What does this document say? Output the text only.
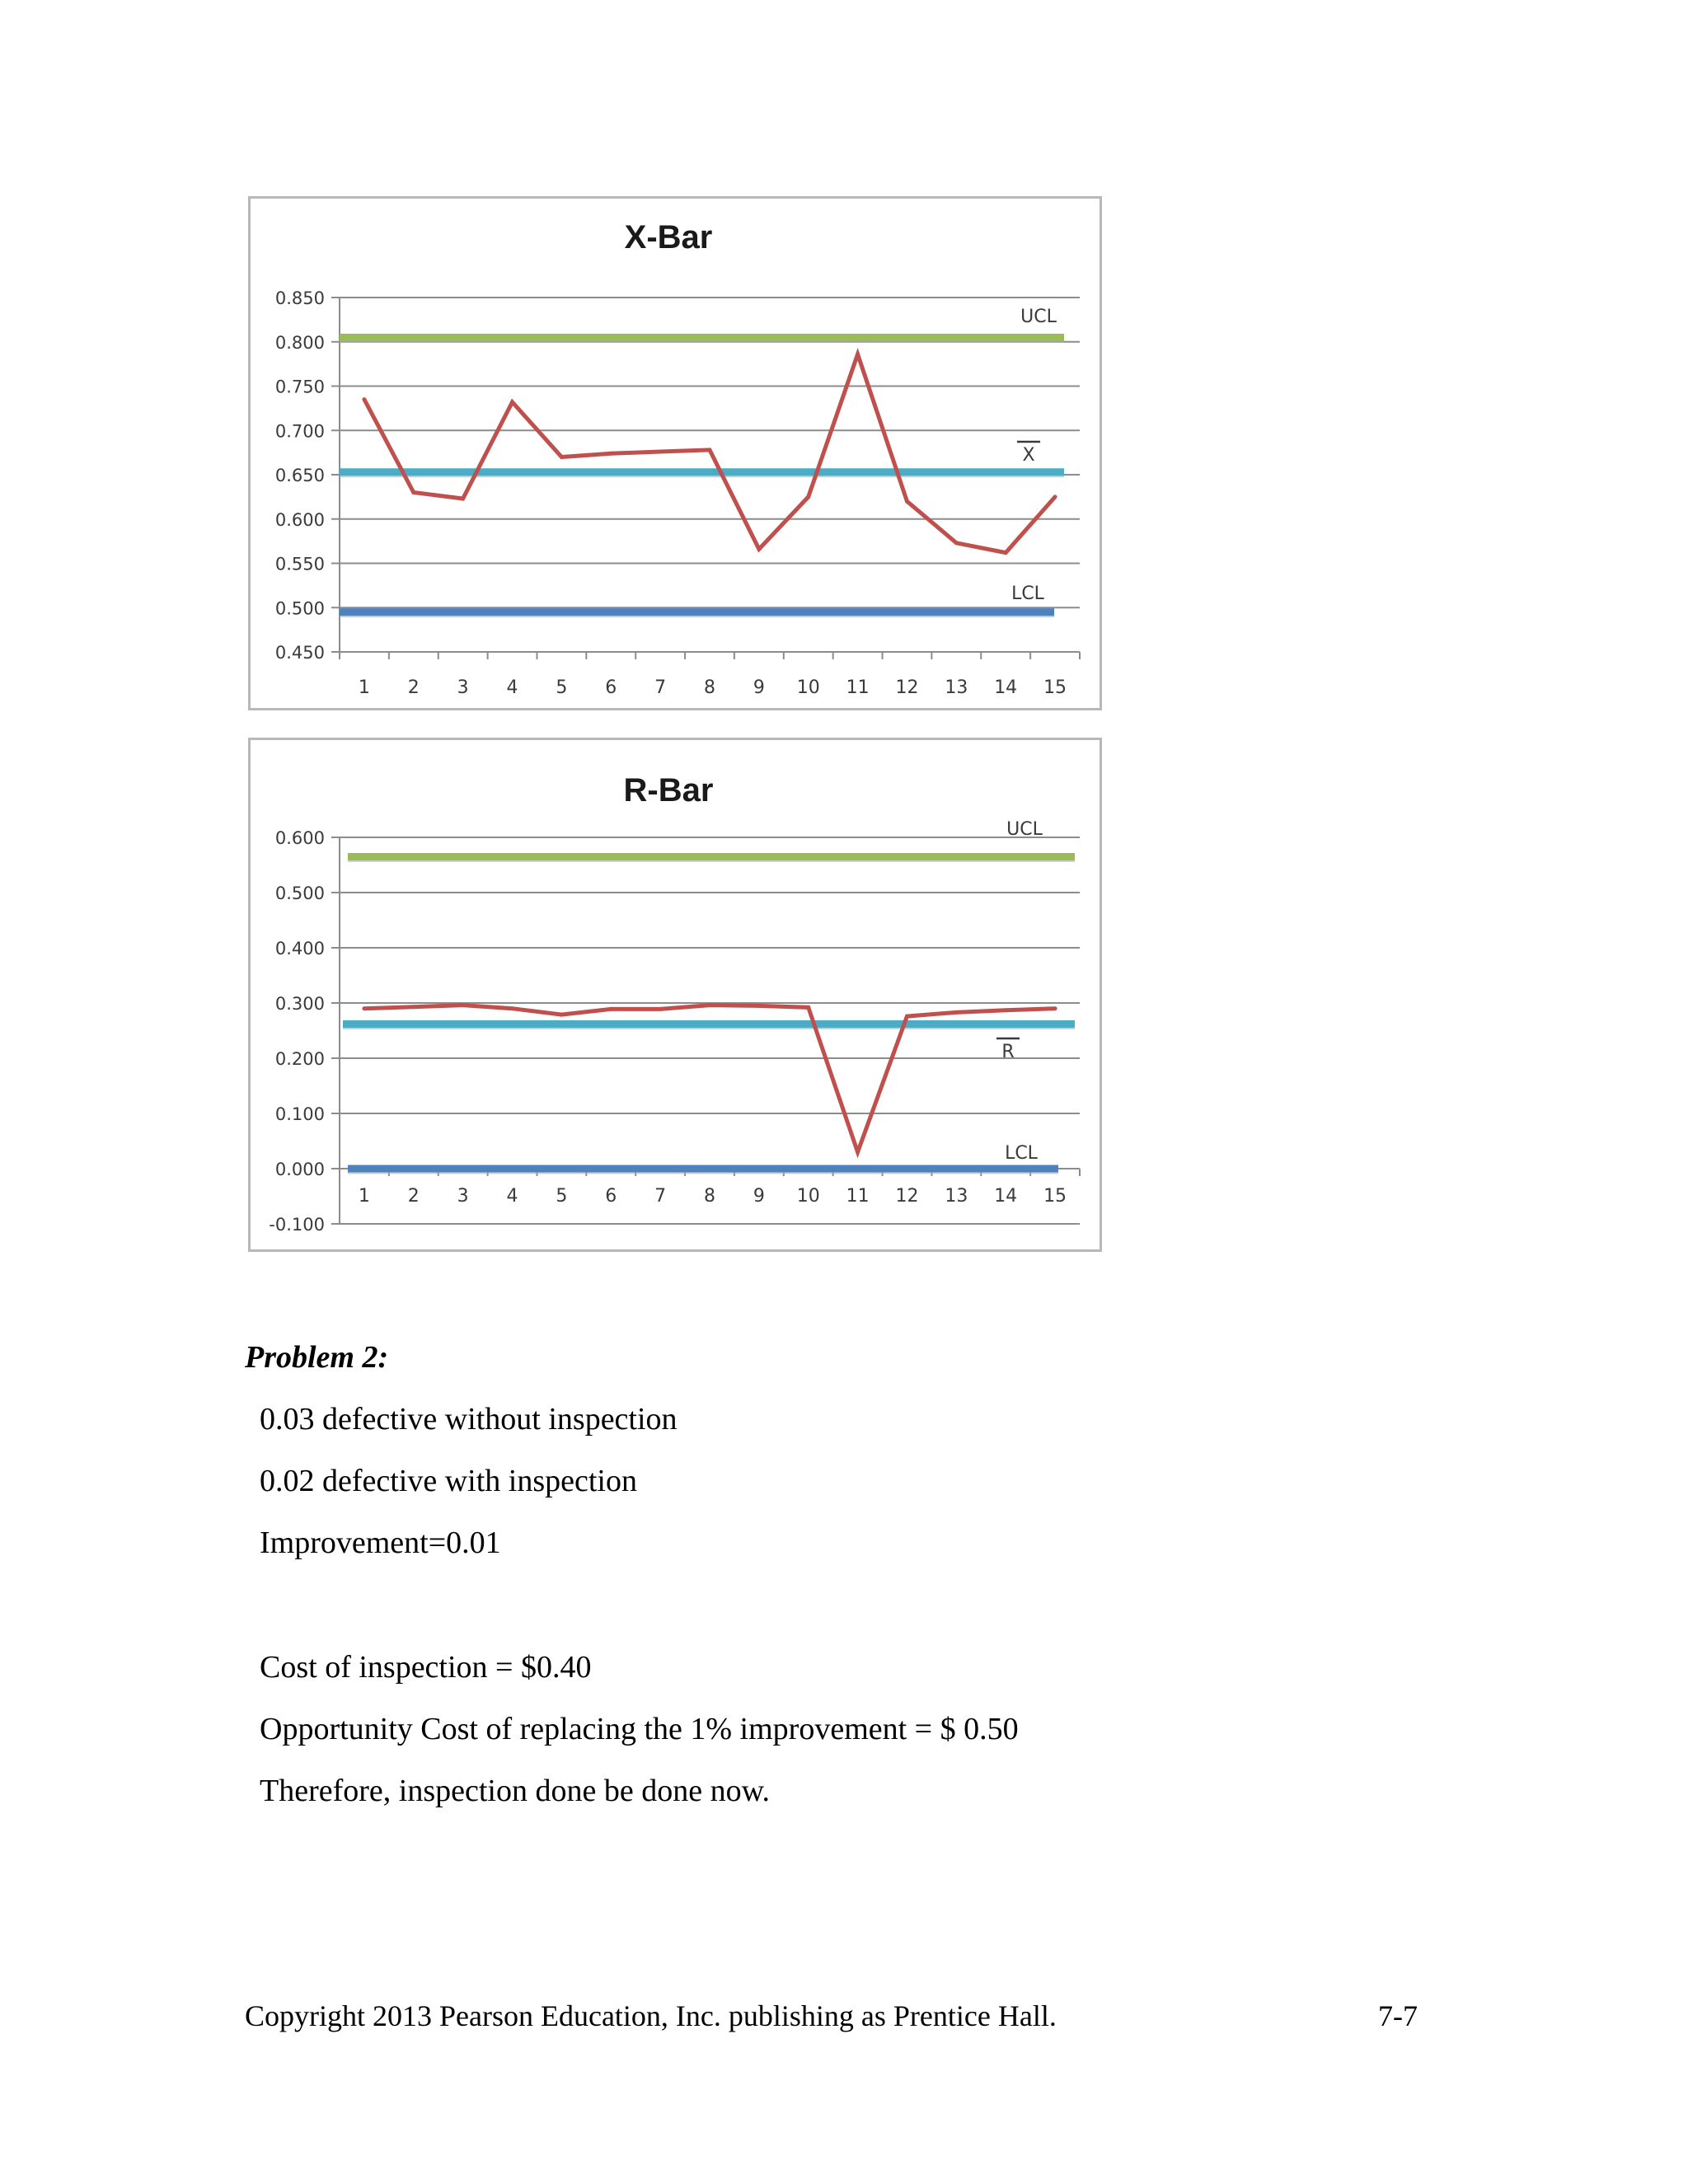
X-Bar
0.850
0.800
0.750
0.700
0.650
0.600
0.550
0.500
0.450
1 2 3 4 5 6 7 8 9 10 11 12 13 14 15
UCL
X
LCL
R-Bar
0.600
0.500
0.400
0.300
0.200
0.100
0.000
-0.100
1 2 3 4 5 6 7 8 9 10 11 12 13 14 15
UCL
R
LCL
Problem 2:
0.03 defective without inspection
0.02 defective with inspection
Improvement=0.01
Cost of inspection = $0.40
Opportunity Cost of replacing the 1% improvement = $ 0.50
Therefore, inspection done be done now.
Copyright 2013 Pearson Education, Inc. publishing as Prentice Hall.	7-7
